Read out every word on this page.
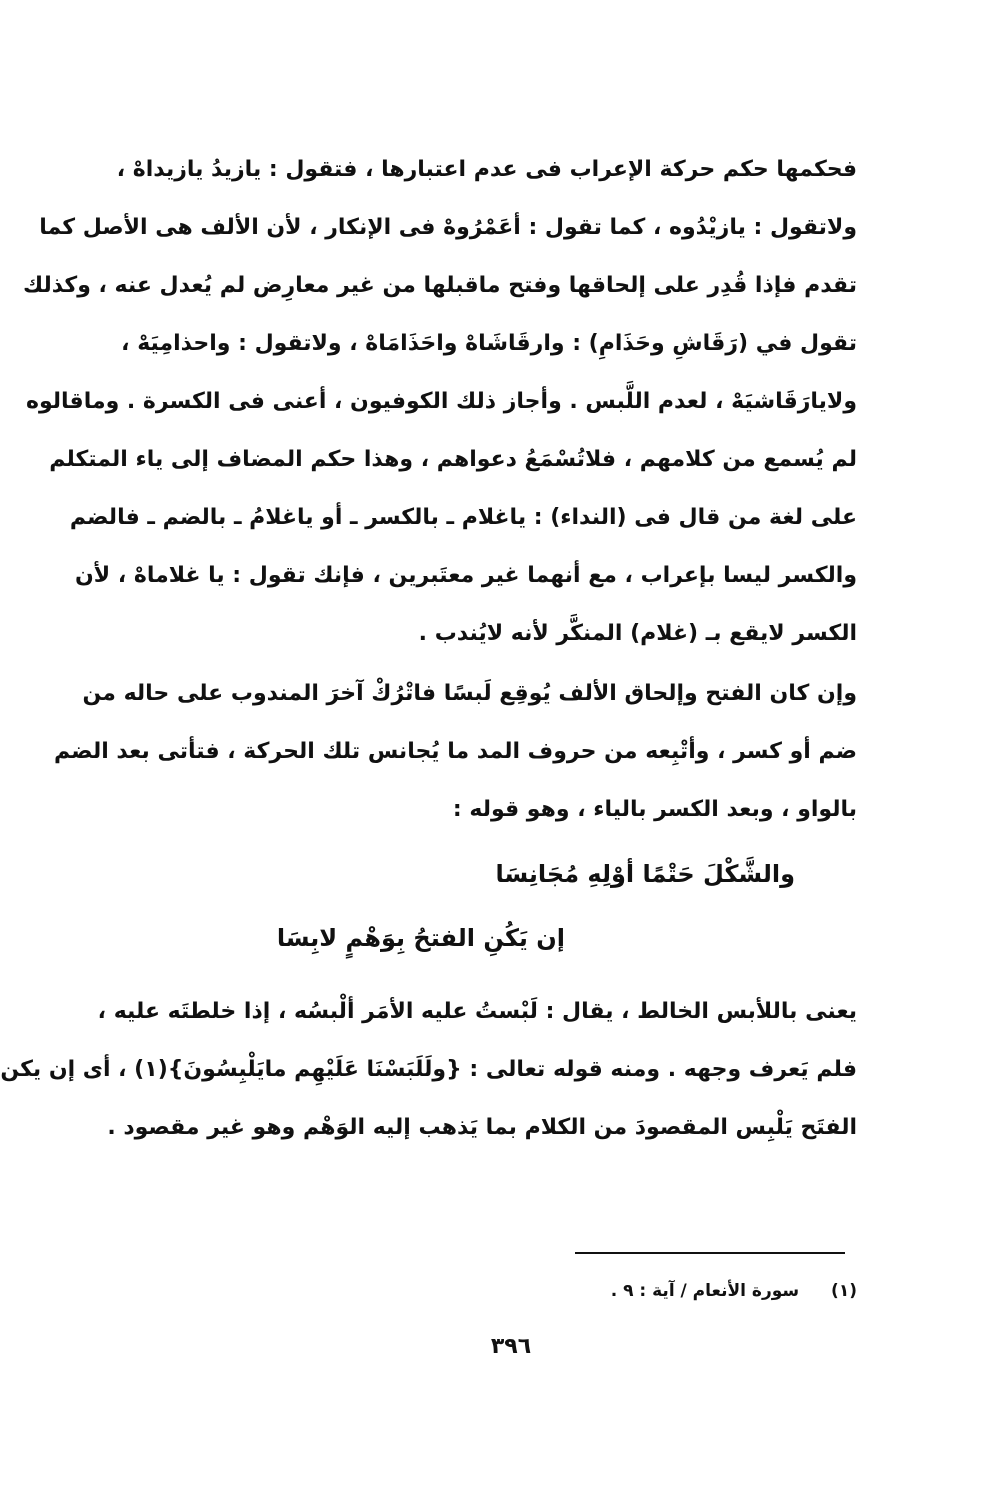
فحكمها حكم حركة الإعراب فى عدم اعتبارها ، فتقول : يازيدُ يازيداهْ ،
ولاتقول : يازيْدُوه ، كما تقول : أعَمْرُوهْ فى الإنكار ، لأن الألف هى الأصل كما
تقدم فإذا قُدِر على إلحاقها وفتح ماقبلها من غير معارِض لم يُعدل عنه ، وكذلك
تقول في (رَقَاشِ وحَذَامِ) : وارقَاشَاهْ واحَذَامَاهْ ، ولاتقول : واحذامِيَهْ ،
ولايارَقَاشيَهْ ، لعدم اللَّبس . وأجاز ذلك الكوفيون ، أعنى فى الكسرة . وماقالوه
لم يُسمع من كلامهم ، فلاتُسْمَعُ دعواهم ، وهذا حكم المضاف إلى ياء المتكلم
على لغة من قال فى (النداء) : ياغلام ـ بالكسر ـ أو ياغلامُ ـ بالضم ـ فالضم
والكسر ليسا بإعراب ، مع أنهما غير معتَبرين ، فإنك تقول : يا غلاماهْ ، لأن
الكسر لايقع بـ (غلام) المنكَّر لأنه لايُندب .
وإن كان الفتح وإلحاق الألف يُوقِع لَبسًا فاتْرُكْ آخرَ المندوب على حاله من
ضم أو كسر ، وأتْبِعه من حروف المد ما يُجانس تلك الحركة ، فتأتى بعد الضم
بالواو ، وبعد الكسر بالياء ، وهو قوله :
والشَّكْلَ حَتْمًا أوْلِهِ مُجَانِسَا
إن يَكُنِ الفتحُ بِوَهْمٍ لابِسَا
يعنى باللأبس الخالط ، يقال : لَبْستُ عليه الأمَر ألْبسُه ، إذا خلطتَه عليه ،
فلم يَعرف وجهه . ومنه قوله تعالى : {ولَلَبَسْنَا عَلَيْهِم مايَلْبِسُونَ}(١) ، أى إن يكن
الفتَح يَلْبِس المقصودَ من الكلام بما يَذهب إليه الوَهْم وهو غير مقصود .
(١) سورة الأنعام / آية : ٩ .
٣٩٦
